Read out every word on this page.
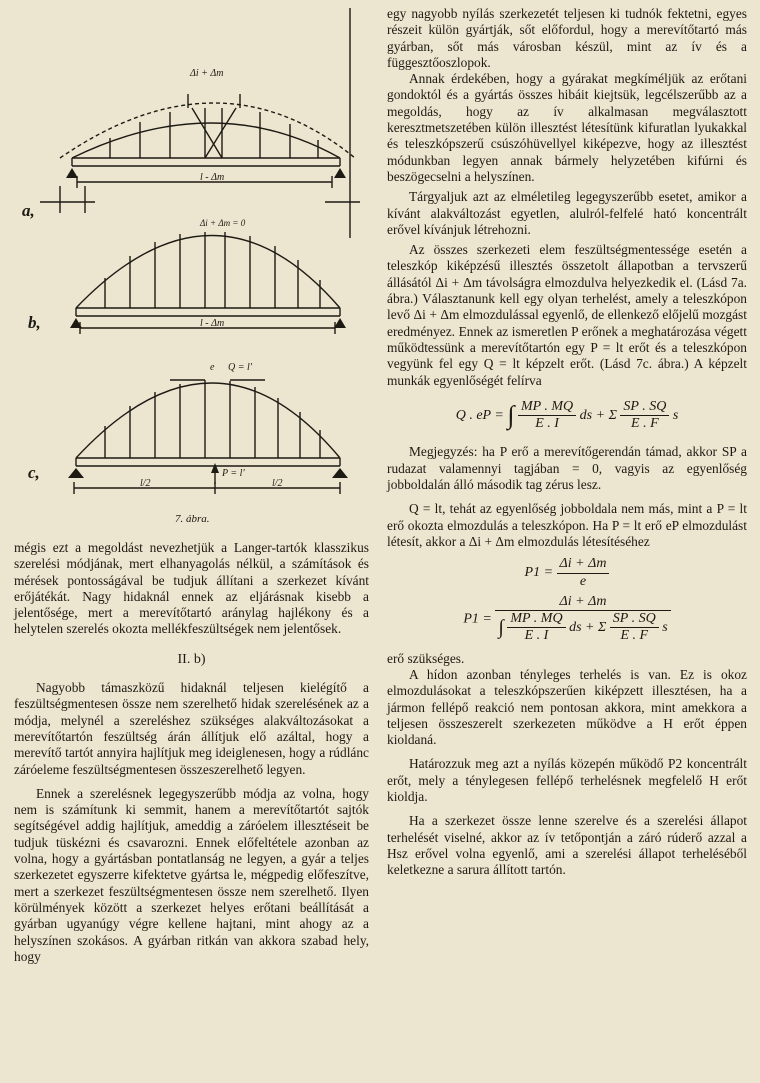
a,
b,
c,
Δi + Δm
l - Δm
Δi + Δm = 0
l - Δm
e Q = l'
P = l'
l/2	l/2
7. ábra.

mégis ezt a megoldást nevezhetjük a Langer-tartók klasszikus szerelési módjának, mert elhanyagolás nélkül, a számítások és mérések pontosságával be tudjuk állítani a szerkezet kívánt erőjátékát. Nagy hidaknál ennek az eljárásnak kisebb a jelentősége, mert a merevítőtartó aránylag hajlékony és a helytelen szerelés okozta mellékfeszültségek nem jelentősek.

II. b)

Nagyobb támaszközű hidaknál teljesen kielégítő a feszültségmentesen össze nem szerelhető hidak szerelésének az a módja, melynél a szereléshez szükséges alakváltozásokat a merevítőtartón feszültség árán állítjuk elő azáltal, hogy a merevítő tartót annyira hajlítjuk meg ideiglenesen, hogy a rúdlánc záróeleme feszültségmentesen összeszerelhető legyen.

Ennek a szerelésnek legegyszerűbb módja az volna, hogy nem is számítunk ki semmit, hanem a merevítőtartót sajtók segítségével addig hajlítjuk, ameddig a záróelem illesztéseit be tudjuk tüskézni és csavarozni. Ennek előfeltétele azonban az volna, hogy a gyártásban pontatlanság ne legyen, a gyár a teljes szerkezetet egyszerre kifektetve gyártsa le, mégpedig előfeszítve, mert a szerkezet feszültségmentesen össze nem szerelhető. Ilyen körülmények között a szerkezet helyes erőtani beállítását a gyárban ugyanúgy végre kellene hajtani, mint ahogy az a helyszínen szokásos. A gyárban ritkán van akkora szabad hely, hogy

egy nagyobb nyílás szerkezetét teljesen ki tudnók fektetni, egyes részeit külön gyártják, sőt előfordul, hogy a merevítőtartó más gyárban, sőt más városban készül, mint az ív és a függesztőoszlopok.

Annak érdekében, hogy a gyárakat megkíméljük az erőtani gondoktól és a gyártás összes hibáit kiejtsük, legcélszerűbb az a megoldás, hogy az ív alkalmasan megválasztott keresztmetszetében külön illesztést létesítünk kifuratlan lyukakkal és teleszkópszerű csúszóhüvellyel kiképezve, hogy az illesztést módunkban legyen annak bármely helyzetében kifúrni és beszögecselni a helyszínen.

Tárgyaljuk azt az elméletileg legegyszerűbb esetet, amikor a kívánt alakváltozást egyetlen, alulról-felfelé ható koncentrált erővel kívánjuk létrehozni.

Az összes szerkezeti elem feszültségmentessége esetén a teleszkóp kiképzésű illesztés összetolt állapotban a tervszerű állásától Δi + Δm távolságra elmozdulva helyezkedik el. (Lásd 7a. ábra.) Választanunk kell egy olyan terhelést, amely a teleszkópon levő Δi + Δm elmozdulással egyenlő, de ellenkező előjelű mozgást eredményez. Ennek az ismeretlen P erőnek a meghatározása végett működtessünk a merevítőtartón egy P = lt erőt és a teleszkópon vegyünk fel egy Q = lt képzelt erőt. (Lásd 7c. ábra.) A képzelt munkák egyenlőségét felírva

Q . eP = ∫ $\frac{MP . MQ}{E . I}$ ds + Σ $\frac{SP . SQ}{E . F}$ s

Megjegyzés: ha P erő a merevítőgerendán támad, akkor SP a rudazat valamennyi tagjában = 0, vagyis az egyenlőség jobboldalán álló második tag zérus lesz.

Q = lt, tehát az egyenlőség jobboldala nem más, mint a P = lt erő okozta elmozdulás a teleszkópon. Ha P = lt erő eP elmozdulást létesít, akkor a Δi + Δm elmozdulás létesítéséhez

$P1 = \frac{\Delta i + \Delta m}{e}$
P1 =
Δi + Δm
∫ $\frac{MP . MQ}{E . I}$ ds + Σ $\frac{SP . SQ}{E . F}$ s

erő szükséges.

A hídon azonban tényleges terhelés is van. Ez is okoz elmozdulásokat a teleszkópszerűen kiképzett illesztésen, ha a jármon fellépő reakció nem pontosan akkora, mint amekkora a teljesen összeszerelt szerkezeten működve a H erőt éppen kioldaná.

Határozzuk meg azt a nyílás közepén működő P2 koncentrált erőt, mely a ténylegesen fellépő terhelésnek megfelelő H erőt kioldja.

Ha a szerkezet össze lenne szerelve és a szerelési állapot terhelését viselné, akkor az ív tetőpontján a záró rúderő azzal a Hsz erővel volna egyenlő, ami a szerelési állapot terheléséből keletkezne a sarura állított tartón.
